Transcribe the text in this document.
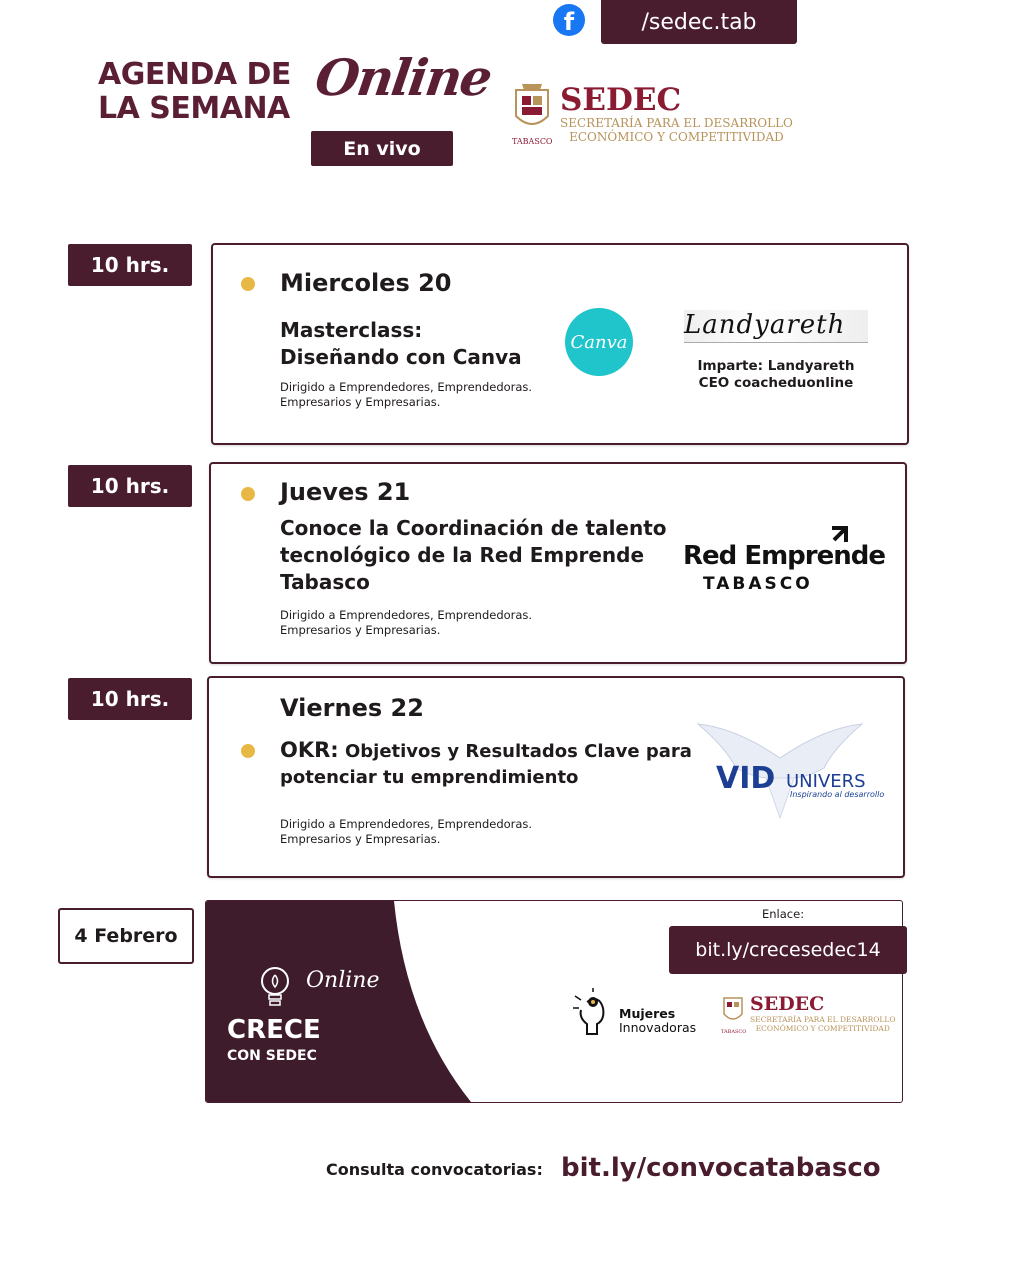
AGENDA DE LA SEMANA
Online
En vivo
f	/sedec.tab
SEDEC
SECRETARÍA PARA EL DESARROLLO
ECONÓMICO Y COMPETITIVIDAD
TABASCO
10 hrs.
Miercoles 20
Masterclass:
Diseñando con Canva
Dirigido a Emprendedores, Emprendedoras.
Empresarios y Empresarias.
Canva
Landyareth
Imparte: Landyareth
CEO coacheduonline
10 hrs.	Jueves 21
Conoce la Coordinación de talento
tecnológico de la Red Emprende
Tabasco
Dirigido a Emprendedores, Emprendedoras.
Empresarios y Empresarias.
Red Emprende
TABASCO
10 hrs.	Viernes 22
OKR: Objetivos y Resultados Clave para
potenciar tu emprendimiento
Dirigido a Emprendedores, Emprendedoras.
Empresarios y Empresarias.
VID UNIVERS
Inspirando al desarrollo
4 Febrero
Online
CRECE
CON SEDEC
Enlace:
bit.ly/crecesedec14
Mujeres
Innovadoras
SEDEC
SECRETARÍA PARA EL DESARROLLO
ECONÓMICO Y COMPETITIVIDAD
TABASCO
Consulta convocatorias: bit.ly/convocatabasco
